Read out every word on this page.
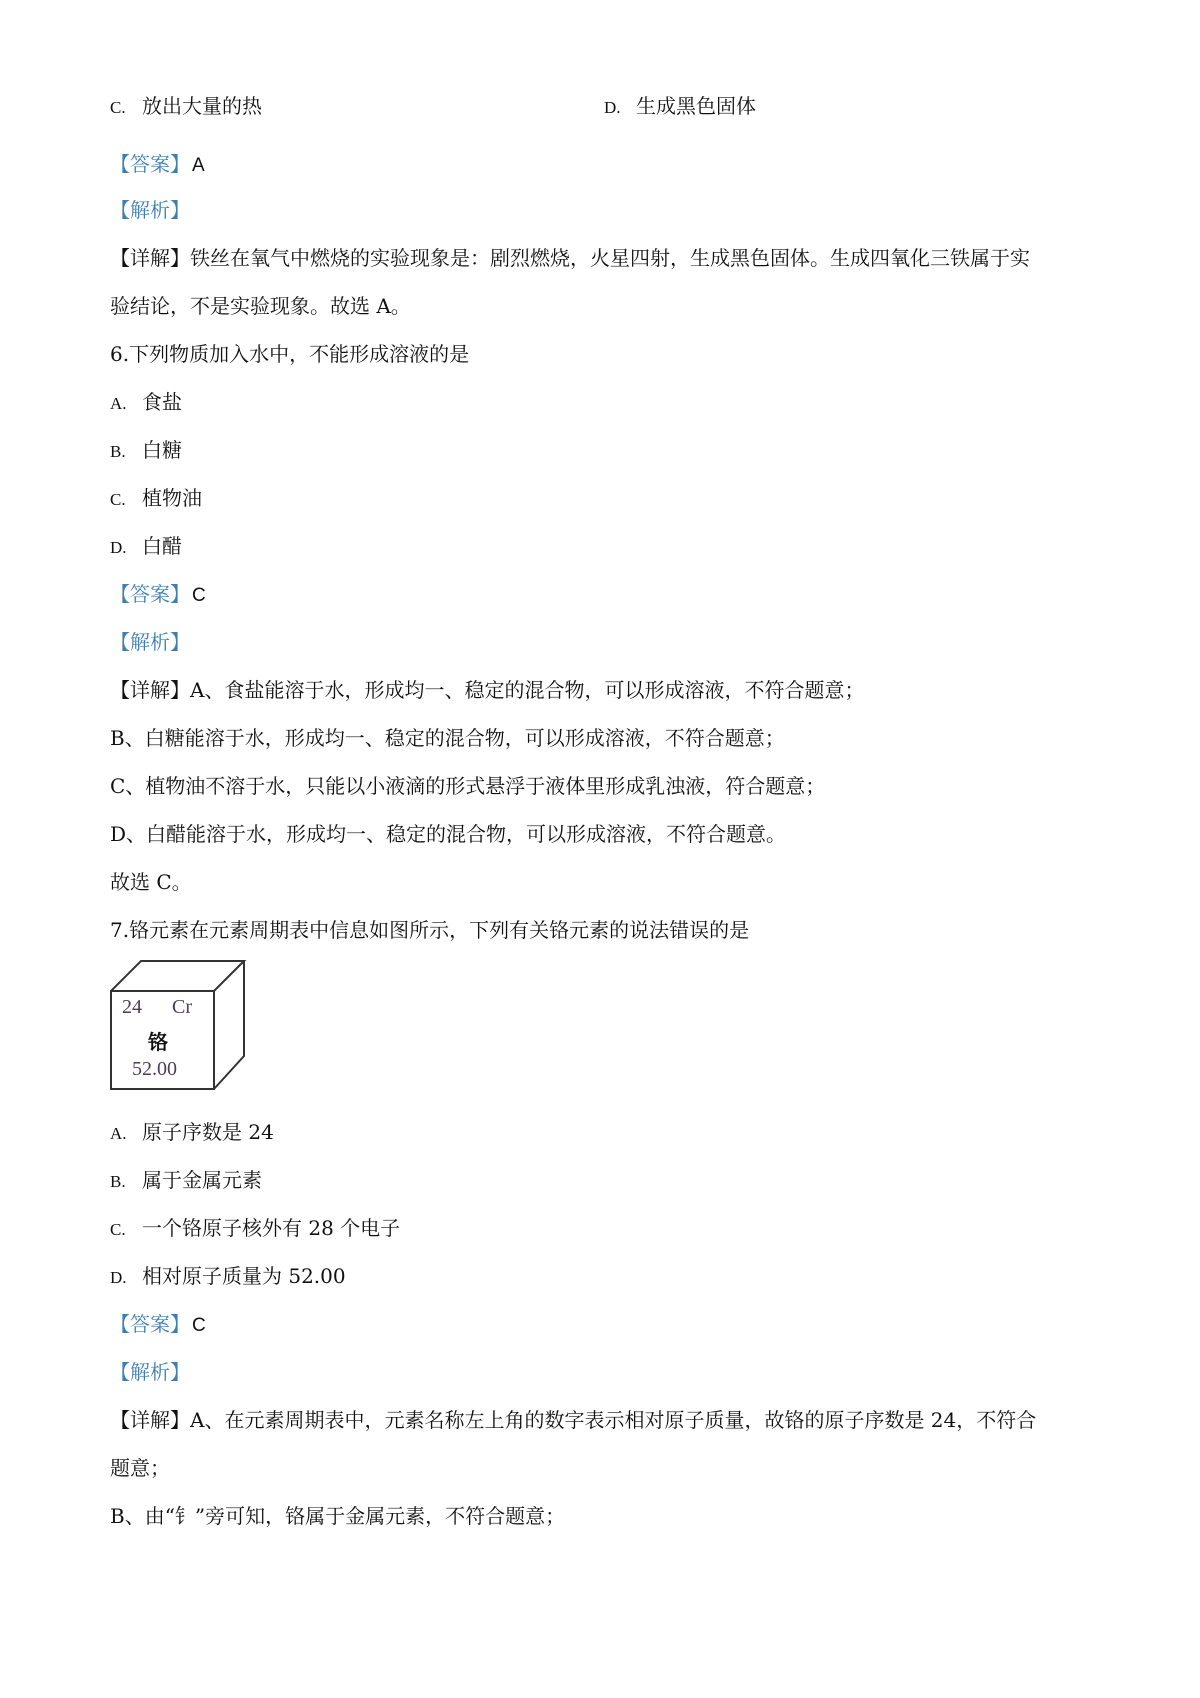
C. 放出大量的热	D. 生成黑色固体
【答案】 A
【解析】
【详解】铁丝在氧气中燃烧的实验现象是：剧烈燃烧，火星四射，生成黑色固体。生成四氧化三铁属于实
验结论，不是实验现象。故选 A。
6.下列物质加入水中，不能形成溶液的是
A. 食盐
B. 白糖
C. 植物油
D. 白醋
【答案】 C
【解析】
【详解】A、食盐能溶于水，形成均一、稳定的混合物，可以形成溶液，不符合题意；
B、白糖能溶于水，形成均一、稳定的混合物，可以形成溶液，不符合题意；
C、植物油不溶于水，只能以小液滴的形式悬浮于液体里形成乳浊液，符合题意；
D、白醋能溶于水，形成均一、稳定的混合物，可以形成溶液，不符合题意。
故选 C。
7.铬元素在元素周期表中信息如图所示，下列有关铬元素的说法错误的是
24 Cr
铬
52.00
A. 原子序数是 24
B. 属于金属元素
C. 一个铬原子核外有 28 个电子
D. 相对原子质量为 52.00
【答案】 C
【解析】
【详解】A、在元素周期表中，元素名称左上角的数字表示相对原子质量，故铬的原子序数是 24，不符合
题意；
B、由“钅”旁可知，铬属于金属元素，不符合题意；
